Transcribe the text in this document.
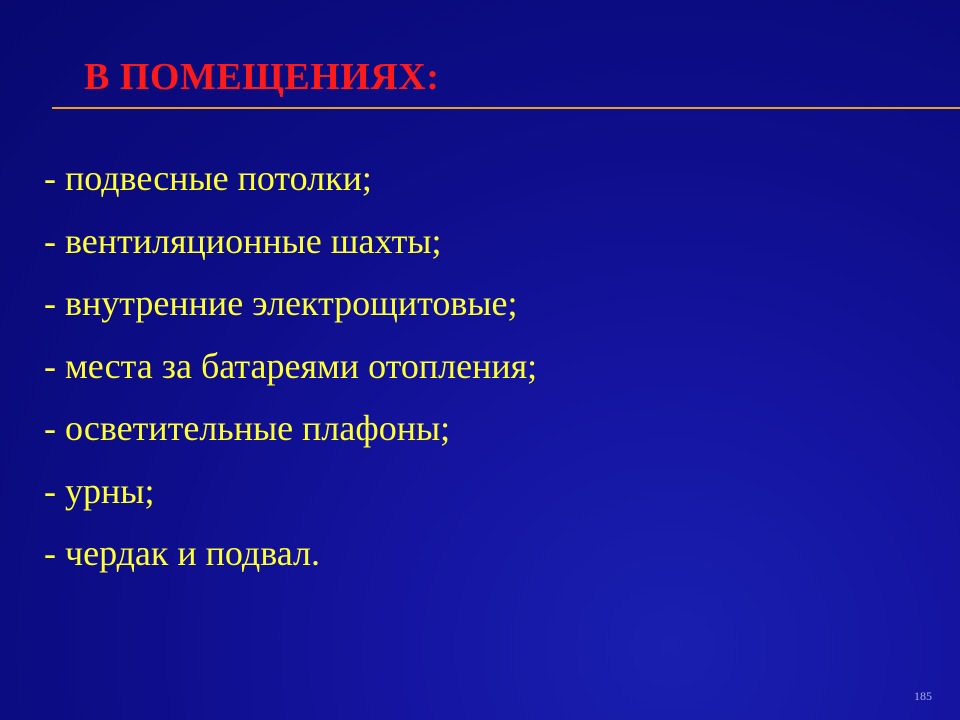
В ПОМЕЩЕНИЯХ:
- подвесные потолки;
- вентиляционные шахты;
- внутренние электрощитовые;
- места за батареями отопления;
- осветительные плафоны;
- урны;
- чердак и подвал.
185
